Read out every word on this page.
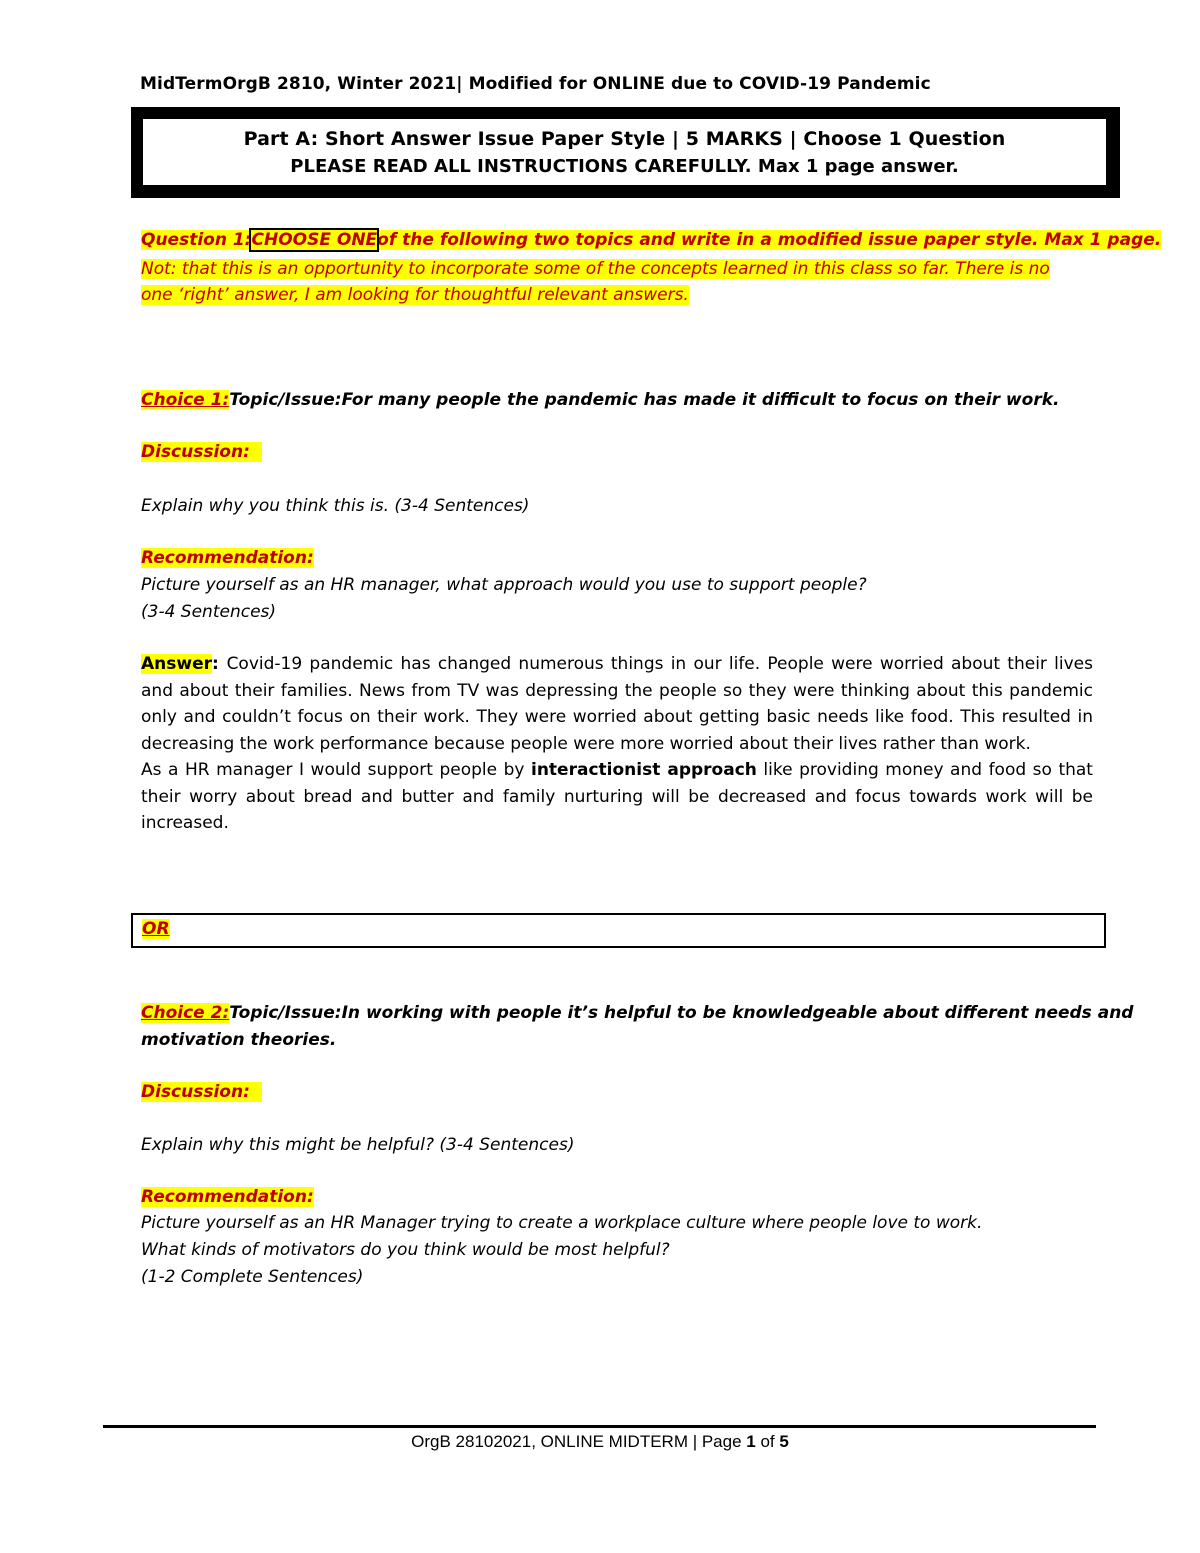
MidTermOrgB 2810, Winter 2021| Modified for ONLINE due to COVID-19 Pandemic
Part A: Short Answer Issue Paper Style | 5 MARKS | Choose 1 Question
PLEASE READ ALL INSTRUCTIONS CAREFULLY. Max 1 page answer.
Question 1:CHOOSE ONEof the following two topics and write in a modified issue paper style. Max 1 page.
Not: that this is an opportunity to incorporate some of the concepts learned in this class so far. There is no
one ‘right’ answer, I am looking for thoughtful relevant answers.
Choice 1:Topic/Issue:For many people the pandemic has made it difficult to focus on their work.
Discussion:
Explain why you think this is. (3-4 Sentences)
Recommendation:
Picture yourself as an HR manager, what approach would you use to support people?
(3-4 Sentences)
Answer: Covid-19 pandemic has changed numerous things in our life. People were worried about their lives and about their families. News from TV was depressing the people so they were thinking about this pandemic only and couldn’t focus on their work. They were worried about getting basic needs like food. This resulted in decreasing the work performance because people were more worried about their lives rather than work.
As a HR manager I would support people by interactionist approach like providing money and food so that their worry about bread and butter and family nurturing will be decreased and focus towards work will be increased.
OR
Choice 2:Topic/Issue:In working with people it’s helpful to be knowledgeable about different needs and
motivation theories.
Discussion:
Explain why this might be helpful? (3-4 Sentences)
Recommendation:
Picture yourself as an HR Manager trying to create a workplace culture where people love to work.
What kinds of motivators do you think would be most helpful?
(1-2 Complete Sentences)
OrgB 28102021, ONLINE MIDTERM | Page 1 of 5
